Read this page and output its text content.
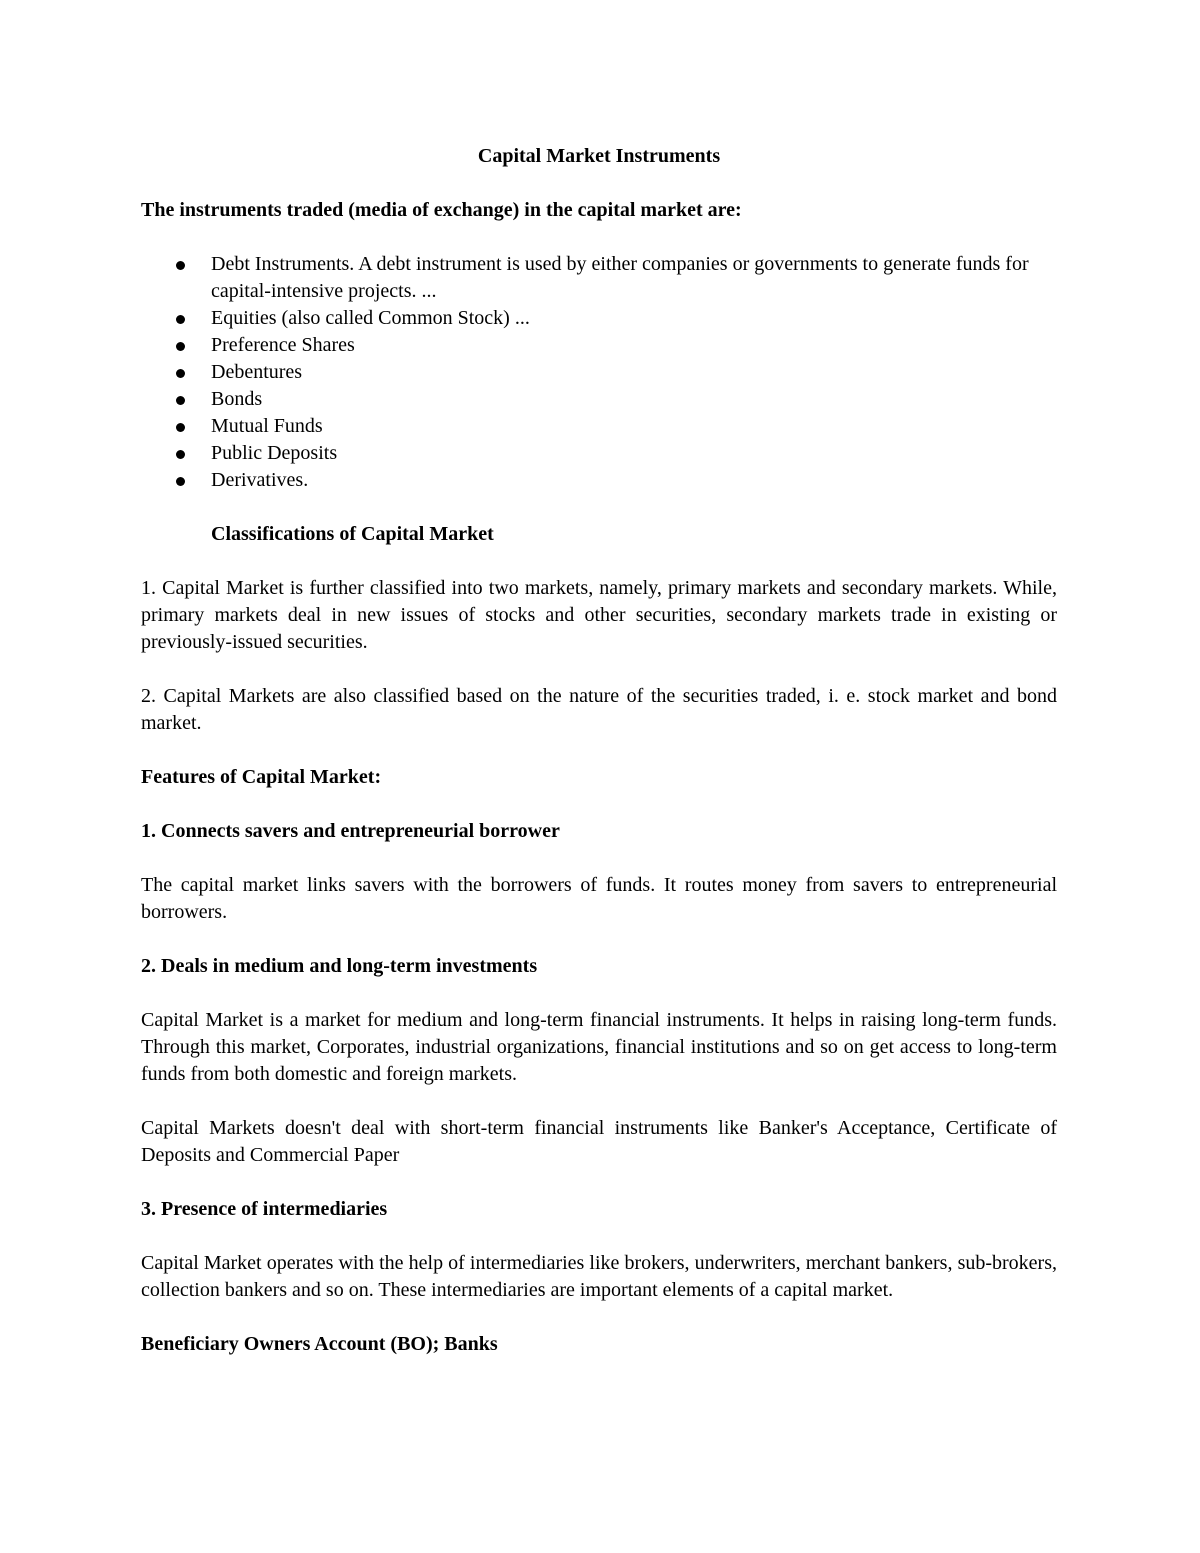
Capital Market Instruments

The instruments traded (media of exchange) in the capital market are:

Debt Instruments. A debt instrument is used by either companies or governments to generate funds for capital-intensive projects. ...
Equities (also called Common Stock) ...
Preference Shares
Debentures
Bonds
Mutual Funds
Public Deposits
Derivatives.

Classifications of Capital Market

1. Capital Market is further classified into two markets, namely, primary markets and secondary markets. While, primary markets deal in new issues of stocks and other securities, secondary markets trade in existing or previously-issued securities.

2. Capital Markets are also classified based on the nature of the securities traded, i. e. stock market and bond market.

Features of Capital Market:

1. Connects savers and entrepreneurial borrower

The capital market links savers with the borrowers of funds. It routes money from savers to entrepreneurial borrowers.

2. Deals in medium and long-term investments

Capital Market is a market for medium and long-term financial instruments. It helps in raising long-term funds. Through this market, Corporates, industrial organizations, financial institutions and so on get access to long-term funds from both domestic and foreign markets.

Capital Markets doesn't deal with short-term financial instruments like Banker's Acceptance, Certificate of Deposits and Commercial Paper

3. Presence of intermediaries

Capital Market operates with the help of intermediaries like brokers, underwriters, merchant bankers, sub-brokers, collection bankers and so on. These intermediaries are important elements of a capital market.

Beneficiary Owners Account (BO); Banks
